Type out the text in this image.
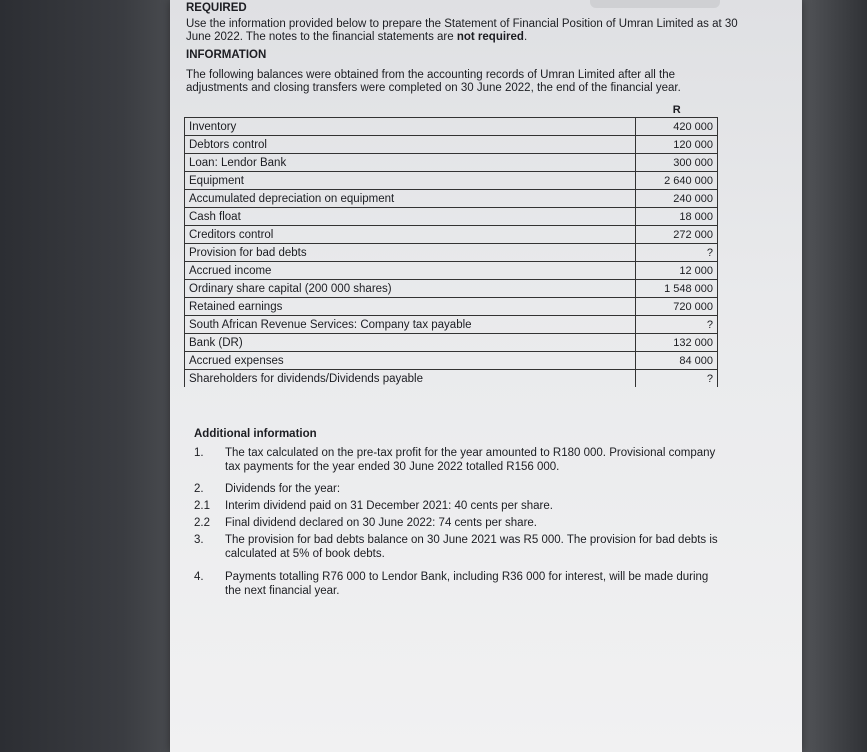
REQUIRED
Use the information provided below to prepare the Statement of Financial Position of Umran Limited as at 30 June 2022. The notes to the financial statements are not required.
INFORMATION
The following balances were obtained from the accounting records of Umran Limited after all the adjustments and closing transfers were completed on 30 June 2022, the end of the financial year.
	R
Inventory	420 000
Debtors control	120 000
Loan: Lendor Bank	300 000
Equipment	2 640 000
Accumulated depreciation on equipment	240 000
Cash float	18 000
Creditors control	272 000
Provision for bad debts	?
Accrued income	12 000
Ordinary share capital (200 000 shares)	1 548 000
Retained earnings	720 000
South African Revenue Services: Company tax payable	?
Bank (DR)	132 000
Accrued expenses	84 000
Shareholders for dividends/Dividends payable	?
Additional information
1. The tax calculated on the pre-tax profit for the year amounted to R180 000. Provisional company tax payments for the year ended 30 June 2022 totalled R156 000.
2. Dividends for the year:
2.1 Interim dividend paid on 31 December 2021: 40 cents per share.
2.2 Final dividend declared on 30 June 2022: 74 cents per share.
3. The provision for bad debts balance on 30 June 2021 was R5 000. The provision for bad debts is calculated at 5% of book debts.
4. Payments totalling R76 000 to Lendor Bank, including R36 000 for interest, will be made during the next financial year.
